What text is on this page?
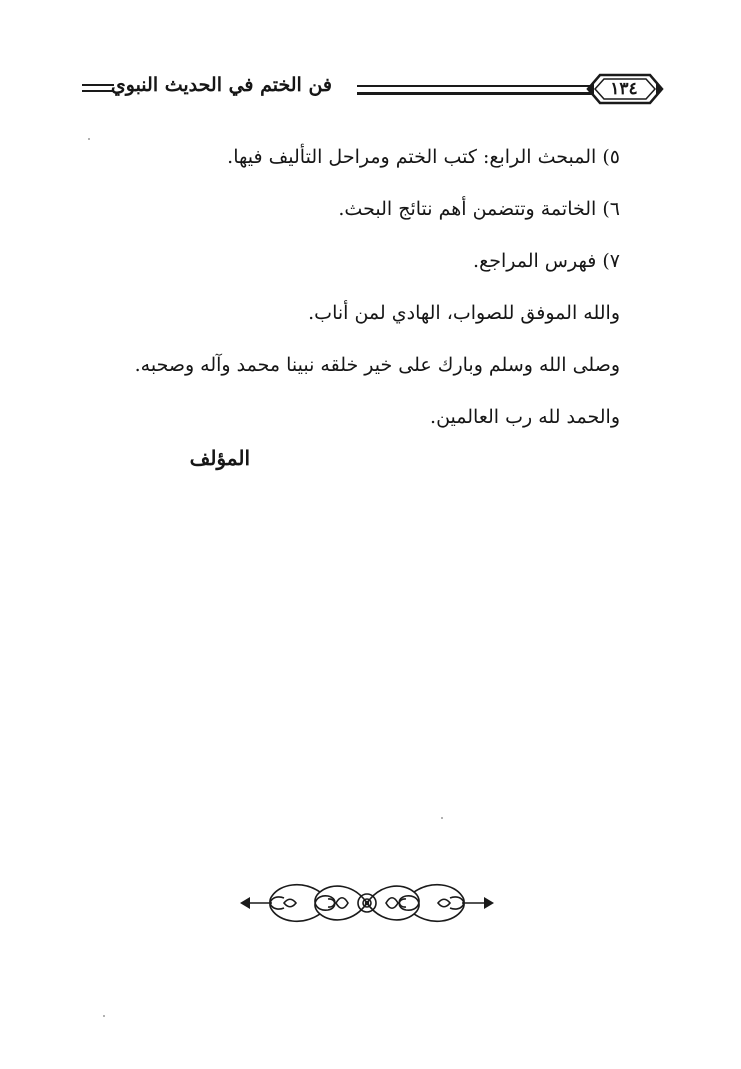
فن الختم في الحديث النبوي	١٣٤
٥) المبحث الرابع: كتب الختم ومراحل التأليف فيها.
٦) الخاتمة وتتضمن أهم نتائج البحث.
٧) فهرس المراجع.
والله الموفق للصواب، الهادي لمن أناب.
وصلى الله وسلم وبارك على خير خلقه نبينا محمد وآله وصحبه.
والحمد لله رب العالمين.
المؤلف
